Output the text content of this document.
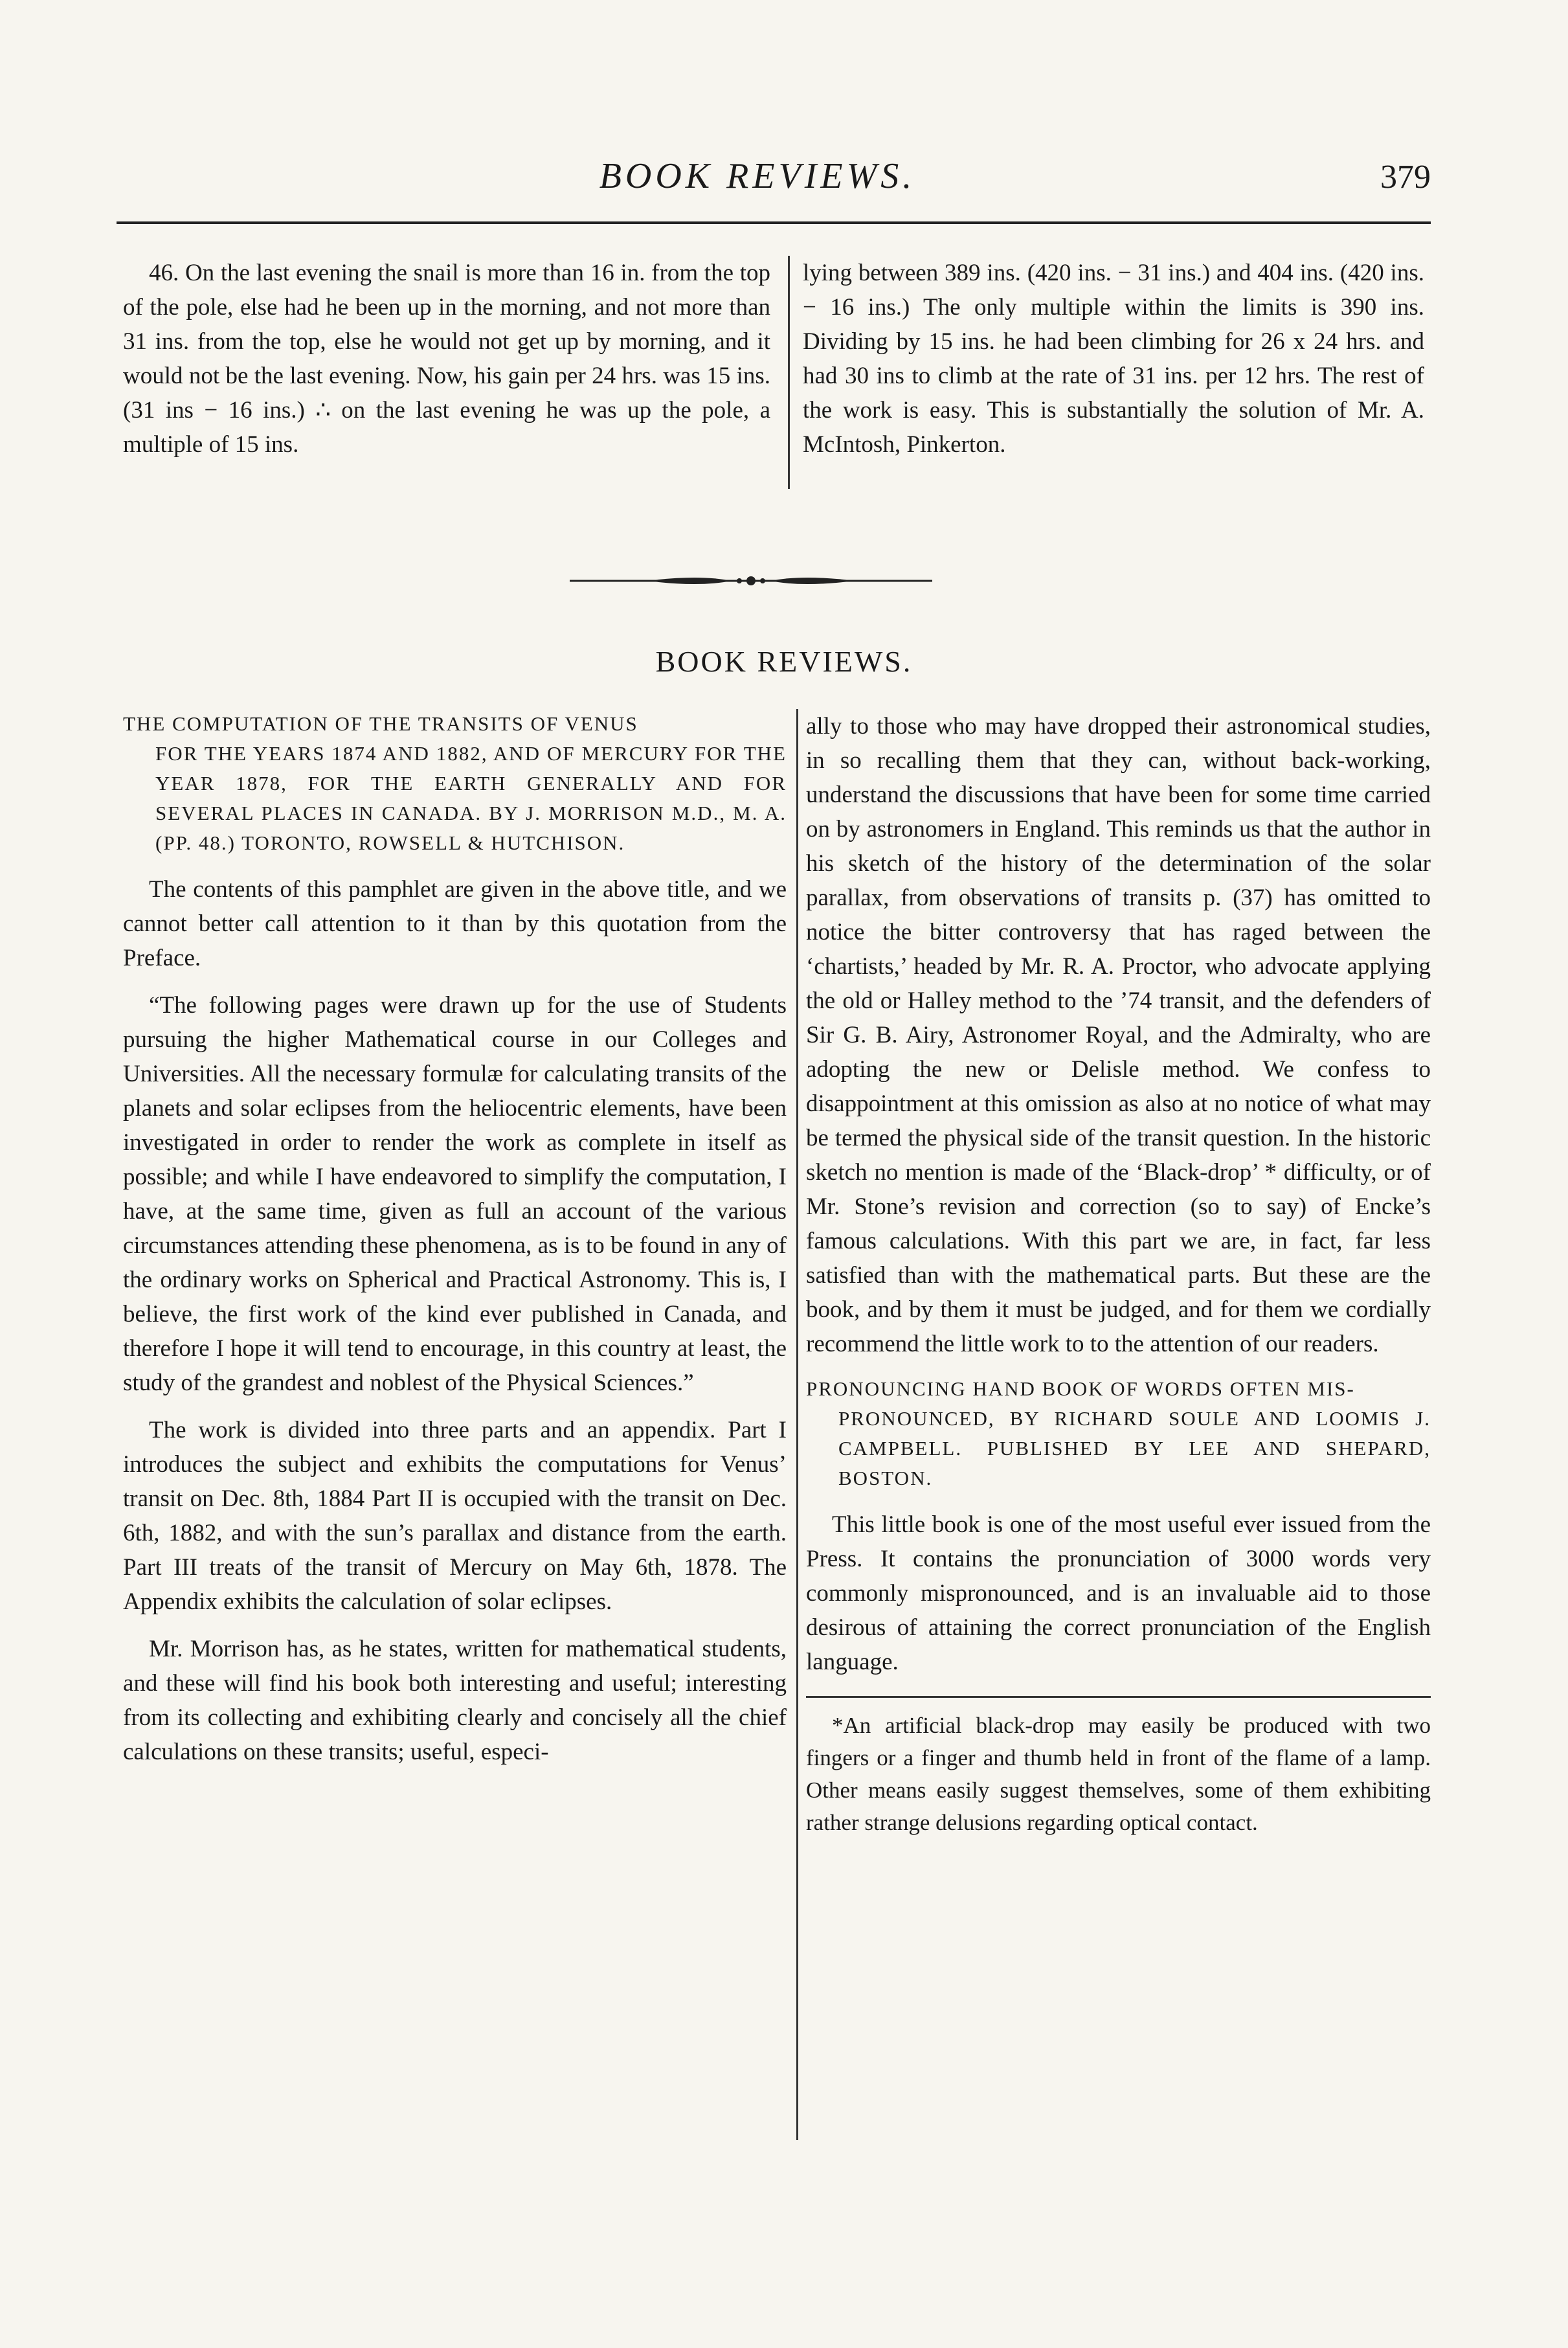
BOOK REVIEWS.	379

46. On the last evening the snail is more than 16 in. from the top of the pole, else had he been up in the morning, and not more than 31 ins. from the top, else he would not get up by morning, and it would not be the last evening. Now, his gain per 24 hrs. was 15 ins. (31 ins − 16 ins.) ∴ on the last evening he was up the pole, a multiple of 15 ins.

lying between 389 ins. (420 ins. − 31 ins.) and 404 ins. (420 ins. − 16 ins.) The only multiple within the limits is 390 ins. Dividing by 15 ins. he had been climbing for 26 x 24 hrs. and had 30 ins to climb at the rate of 31 ins. per 12 hrs. The rest of the work is easy. This is substantially the solution of Mr. A. McIntosh, Pinkerton.

BOOK REVIEWS.
THE COMPUTATION OF THE TRANSITS OF VENUS
FOR THE YEARS 1874 AND 1882, AND OF MERCURY FOR THE YEAR 1878, FOR THE EARTH GENERALLY AND FOR SEVERAL PLACES IN CANADA. BY J. MORRISON M.D., M. A. (PP. 48.) TORONTO, ROWSELL & HUTCHISON.

The contents of this pamphlet are given in the above title, and we cannot better call attention to it than by this quotation from the Preface.

“The following pages were drawn up for the use of Students pursuing the higher Mathematical course in our Colleges and Universities. All the necessary formulæ for calculating transits of the planets and solar eclipses from the heliocentric elements, have been investigated in order to render the work as complete in itself as possible; and while I have endeavored to simplify the computation, I have, at the same time, given as full an account of the various circumstances attending these phenomena, as is to be found in any of the ordinary works on Spherical and Practical Astronomy. This is, I believe, the first work of the kind ever published in Canada, and therefore I hope it will tend to encourage, in this country at least, the study of the grandest and noblest of the Physical Sciences.”

The work is divided into three parts and an appendix. Part I introduces the subject and exhibits the computations for Venus’ transit on Dec. 8th, 1884 Part II is occupied with the transit on Dec. 6th, 1882, and with the sun’s parallax and distance from the earth. Part III treats of the transit of Mercury on May 6th, 1878. The Appendix exhibits the calculation of solar eclipses.

Mr. Morrison has, as he states, written for mathematical students, and these will find his book both interesting and useful; interesting from its collecting and exhibiting clearly and concisely all the chief calculations on these transits; useful, especi-

ally to those who may have dropped their astronomical studies, in so recalling them that they can, without back-working, understand the discussions that have been for some time carried on by astronomers in England. This reminds us that the author in his sketch of the history of the determination of the solar parallax, from observations of transits p. (37) has omitted to notice the bitter controversy that has raged between the ‘chartists,’ headed by Mr. R. A. Proctor, who advocate applying the old or Halley method to the ’74 transit, and the defenders of Sir G. B. Airy, Astronomer Royal, and the Admiralty, who are adopting the new or Delisle method. We confess to disappointment at this omission as also at no notice of what may be termed the physical side of the transit question. In the historic sketch no mention is made of the ‘Black-drop’ * difficulty, or of Mr. Stone’s revision and correction (so to say) of Encke’s famous calculations. With this part we are, in fact, far less satisfied than with the mathematical parts. But these are the book, and by them it must be judged, and for them we cordially recommend the little work to to the attention of our readers.

PRONOUNCING HAND BOOK OF WORDS OFTEN MIS-
PRONOUNCED, BY RICHARD SOULE AND LOOMIS J. CAMPBELL. PUBLISHED BY LEE AND SHEPARD, BOSTON.

This little book is one of the most useful ever issued from the Press. It contains the pronunciation of 3000 words very commonly mispronounced, and is an invaluable aid to those desirous of attaining the correct pronunciation of the English language.

*An artificial black-drop may easily be produced with two fingers or a finger and thumb held in front of the flame of a lamp. Other means easily suggest themselves, some of them exhibiting rather strange delusions regarding optical contact.
